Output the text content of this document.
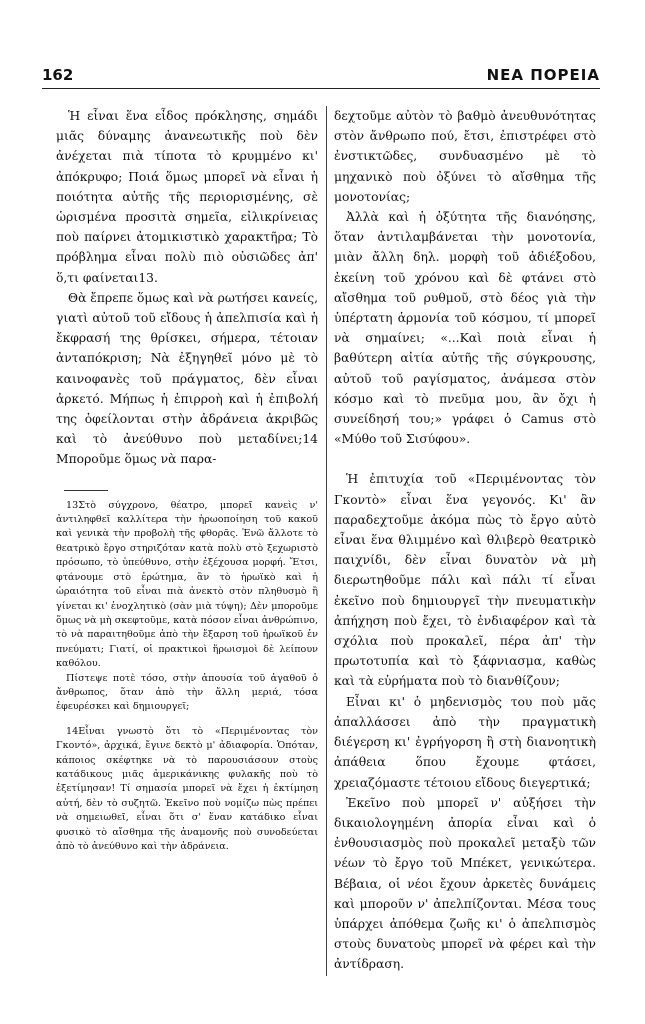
162	ΝΕΑ ΠΟΡΕΙΑ

Ἡ εἶναι ἕνα εἶδος πρόκλησης, σημάδι μιᾶς δύναμης ἀνανεωτικῆς ποὺ δὲν ἀνέχεται πιὰ τίποτα τὸ κρυμμένο κι' ἀπόκρυφο; Ποιά ὅμως μπορεῖ νὰ εἶναι ἡ ποιότητα αὐτῆς τῆς περιορισμένης, σὲ ὡρισμένα προσιτὰ σημεῖα, εἰλικρίνειας ποὺ παίρνει ἀτομικιστικὸ χαρακτῆρα; Τὸ πρόβλημα εἶναι πολὺ πιὸ οὐσιῶδες ἀπ' ὅ,τι φαίνεται13.

Θὰ ἔπρεπε ὅμως καὶ νὰ ρωτήσει κανείς, γιατὶ αὐτοῦ τοῦ εἴδους ἡ ἀπελπισία καὶ ἡ ἔκφρασή της θρίσκει, σήμερα, τέτοιαν ἀνταπόκριση; Νὰ ἐξηγηθεῖ μόνο μὲ τὸ καινοφανὲς τοῦ πράγματος, δὲν εἶναι ἀρκετό. Μήπως ἡ ἐπιρροὴ καὶ ἡ ἐπιβολή της ὀφείλονται στὴν ἀδράνεια ἀκριβῶς καὶ τὸ ἀνεύθυνο ποὺ μεταδίνει;14 Μποροῦμε ὅμως νὰ παρα-

13Στὸ σύγχρονο, θέατρο, μπορεῖ κανεὶς ν' ἀντιληφθεῖ καλλίτερα τὴν ἡρωοποίηση τοῦ κακοῦ καὶ γενικὰ τὴν προβολὴ τῆς φθορᾶς. Ἐνῶ ἄλλοτε τὸ θεατρικὸ ἔργο στηριζόταν κατὰ πολὺ στὸ ξεχωριστὸ πρόσωπο, τὸ ὑπεύθυνο, στὴν ἐξέχουσα μορφή. Ἔτσι, φτάνουμε στὸ ἐρώτημα, ἂν τὸ ἡρωϊκὸ καὶ ἡ ὡραιότητα τοῦ εἶναι πιὰ ἀνεκτὸ στὸν πληθυσμὸ ἢ γίνεται κι' ἐνοχλητικὸ (σὰν μιὰ τύψη); Δὲν μποροῦμε ὅμως νὰ μὴ σκεφτοῦμε, κατὰ πόσον εἶναι ἀνθρώπινο, τὸ νὰ παραιτηθοῦμε ἀπὸ τὴν ἔξαρση τοῦ ἡρωϊκοῦ ἐν πνεύματι; Γιατί, οἱ πρακτικοὶ ἥρωισμοὶ δὲ λείπουν καθόλου.

Πίστεψε ποτὲ τόσο, στὴν ἀπουσία τοῦ ἀγαθοῦ ὁ ἄνθρωπος, ὅταν ἀπὸ τὴν ἄλλη μεριά, τόσα ἐφευρέσκει καὶ δημιουργεῖ;

14Εἶναι γνωστὸ ὅτι τὸ «Περιμένοντας τὸν Γκοντό», ἀρχικά, ἔγινε δεκτὸ μ' ἀδιαφορία. Ὁπόταν, κάποιος σκέφτηκε νὰ τὸ παρουσιάσουν στοὺς κατάδικους μιᾶς ἀμερικάνικης φυλακῆς ποὺ τὸ ἐξετίμησαν! Τί σημασία μπορεῖ νὰ ἔχει ἡ ἐκτίμηση αὐτή, δὲν τὸ συζητῶ. Ἐκεῖνο ποὺ νομίζω πὼς πρέπει νὰ σημειωθεῖ, εἶναι ὅτι σ' ἕναν κατάδικο εἶναι φυσικὸ τὸ αἴσθημα τῆς ἀναμονῆς ποὺ συνοδεύεται ἀπὸ τὸ ἀνεύθυνο καὶ τὴν ἀδράνεια.

δεχτοῦμε αὐτὸν τὸ βαθμὸ ἀνευθυνότητας στὸν ἄνθρωπο πού, ἔτσι, ἐπιστρέφει στὸ ἐνστικτῶδες, συνδυασμένο μὲ τὸ μηχανικὸ ποὺ ὀξύνει τὸ αἴσθημα τῆς μονοτονίας;

Ἀλλὰ καὶ ἡ ὀξύτητα τῆς διανόησης, ὅταν ἀντιλαμβάνεται τὴν μονοτονία, μιὰν ἄλλη δηλ. μορφὴ τοῦ ἀδιέξοδου, ἐκείνη τοῦ χρόνου καὶ δὲ φτάνει στὸ αἴσθημα τοῦ ρυθμοῦ, στὸ δέος γιὰ τὴν ὑπέρτατη ἁρμονία τοῦ κόσμου, τί μπορεῖ νὰ σημαίνει; «...Καὶ ποιὰ εἶναι ἡ βαθύτερη αἰτία αὐτῆς τῆς σύγκρουσης, αὐτοῦ τοῦ ραγίσματος, ἀνάμεσα στὸν κόσμο καὶ τὸ πνεῦμα μου, ἂν ὄχι ἡ συνείδησή του;» γράφει ὁ Camus στὸ «Μύθο τοῦ Σισύφου».

Ἡ ἐπιτυχία τοῦ «Περιμένοντας τὸν Γκοντὸ» εἶναι ἕνα γεγονός. Κι' ἂν παραδεχτοῦμε ἀκόμα πὼς τὸ ἔργο αὐτὸ εἶναι ἕνα θλιμμένο καὶ θλιβερὸ θεατρικὸ παιχνίδι, δὲν εἶναι δυνατὸν νὰ μὴ διερωτηθοῦμε πάλι καὶ πάλι τί εἶναι ἐκεῖνο ποὺ δημιουργεῖ τὴν πνευματικὴν ἀπήχηση ποὺ ἔχει, τὸ ἐνδιαφέρον καὶ τὰ σχόλια ποὺ προκαλεῖ, πέρα ἀπ' τὴν πρωτοτυπία καὶ τὸ ξάφνιασμα, καθὼς καὶ τὰ εὑρήματα ποὺ τὸ διανθίζουν;

Εἶναι κι' ὁ μηδενισμὸς του ποὺ μᾶς ἀπαλλάσσει ἀπὸ τὴν πραγματικὴ διέγερση κι' ἐγρήγορση ἢ στὴ διανοητικὴ ἀπάθεια ὅπου ἔχουμε φτάσει, χρειαζόμαστε τέτοιου εἴδους διεγερτικά;

Ἐκεῖνο ποὺ μπορεῖ ν' αὐξήσει τὴν δικαιολογημένη ἀπορία εἶναι καὶ ὁ ἐνθουσιασμὸς ποὺ προκαλεῖ μεταξὺ τῶν νέων τὸ ἔργο τοῦ Μπέκετ, γενικώτερα. Βέβαια, οἱ νέοι ἔχουν ἀρκετὲς δυνάμεις καὶ μποροῦν ν' ἀπελπίζονται. Μέσα τους ὑπάρχει ἀπόθεμα ζωῆς κι' ὁ ἀπελπισμὸς στοὺς δυνατοὺς μπορεῖ νὰ φέρει καὶ τὴν ἀντίδραση.
